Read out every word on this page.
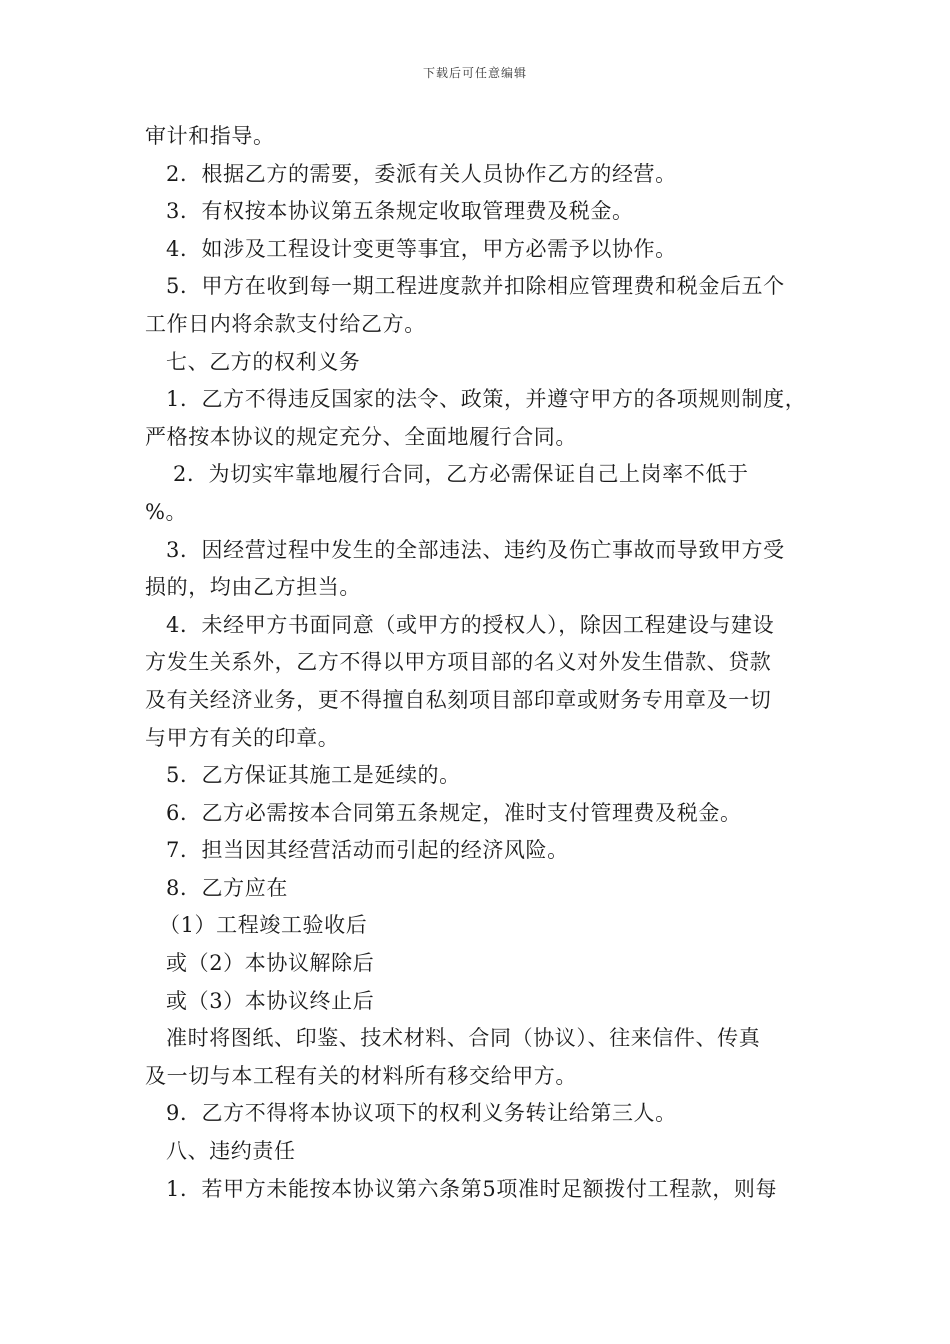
下载后可任意编辑
审计和指导。
2．根据乙方的需要，委派有关人员协作乙方的经营。
3．有权按本协议第五条规定收取管理费及税金。
4．如涉及工程设计变更等事宜，甲方必需予以协作。
5．甲方在收到每一期工程进度款并扣除相应管理费和税金后五个
工作日内将余款支付给乙方。
七、乙方的权利义务
1．乙方不得违反国家的法令、政策，并遵守甲方的各项规则制度，
严格按本协议的规定充分、全面地履行合同。
2．为切实牢靠地履行合同，乙方必需保证自己上岗率不低于
%。
3．因经营过程中发生的全部违法、违约及伤亡事故而导致甲方受
损的，均由乙方担当。
4．未经甲方书面同意（或甲方的授权人），除因工程建设与建设
方发生关系外，乙方不得以甲方项目部的名义对外发生借款、贷款
及有关经济业务，更不得擅自私刻项目部印章或财务专用章及一切
与甲方有关的印章。
5．乙方保证其施工是延续的。
6．乙方必需按本合同第五条规定，准时支付管理费及税金。
7．担当因其经营活动而引起的经济风险。
8．乙方应在
（1）工程竣工验收后
或（2）本协议解除后
或（3）本协议终止后
准时将图纸、印鉴、技术材料、合同（协议）、往来信件、传真
及一切与本工程有关的材料所有移交给甲方。
9．乙方不得将本协议项下的权利义务转让给第三人。
八、违约责任
1．若甲方未能按本协议第六条第5项准时足额拨付工程款，则每
